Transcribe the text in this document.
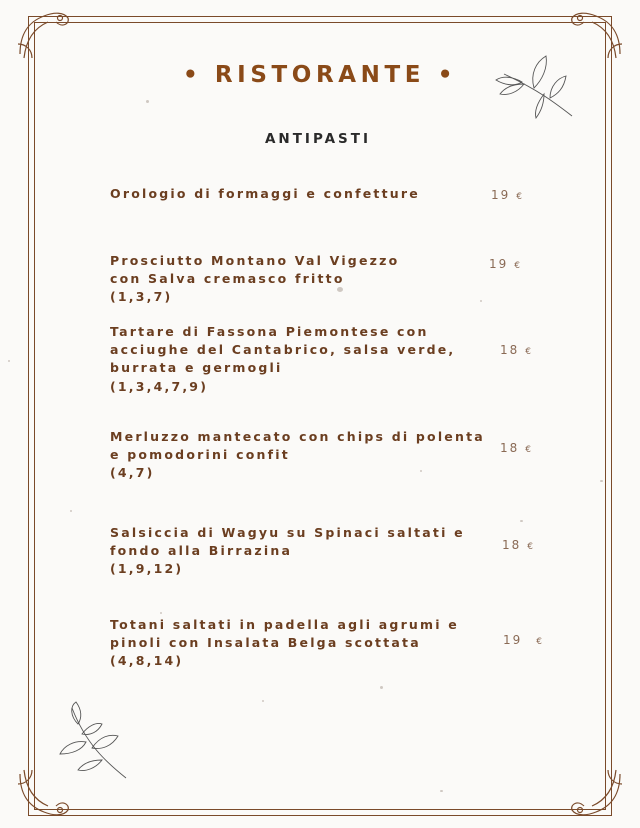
• RISTORANTE •
ANTIPASTI
Orologio di formaggi e confetture	19 €
Prosciutto Montano Val Vigezzo
con Salva cremasco fritto
(1,3,7)
19 €
Tartare di Fassona Piemontese con
acciughe del Cantabrico, salsa verde,
burrata e germogli
(1,3,4,7,9)
18 €
Merluzzo mantecato con chips di polenta
e pomodorini confit
(4,7)
18 €
Salsiccia di Wagyu su Spinaci saltati e
fondo alla Birrazina
(1,9,12)
18 €
Totani saltati in padella agli agrumi e
pinoli con Insalata Belga scottata
(4,8,14)
19 €
